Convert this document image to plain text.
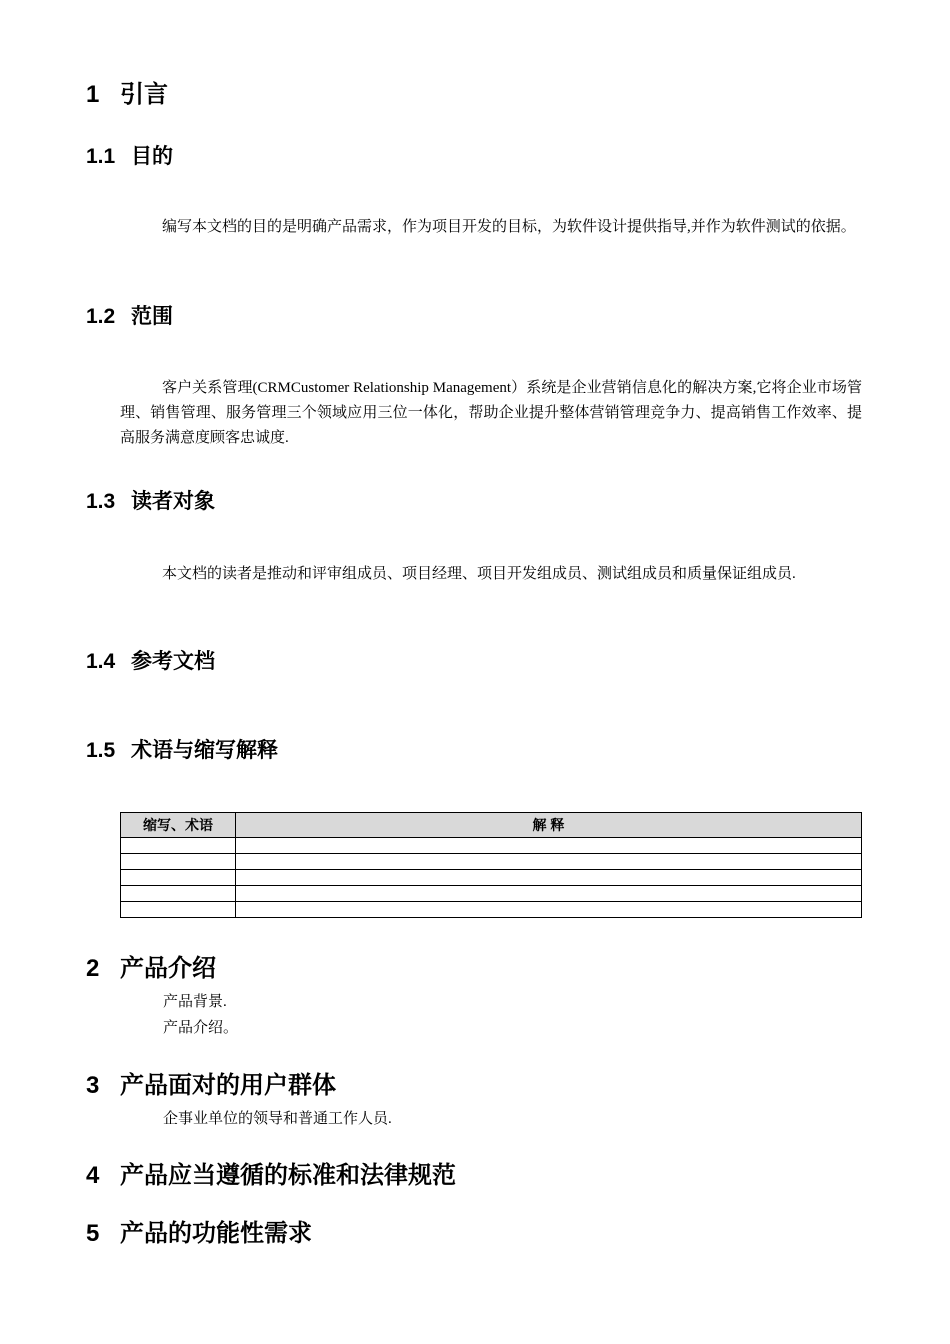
1 引言
1.1 目的
编写本文档的目的是明确产品需求，作为项目开发的目标，为软件设计提供指导,并作为软件测试的依据。
1.2 范围
客户关系管理(CRMCustomer Relationship Management）系统是企业营销信息化的解决方案,它将企业市场管理、销售管理、服务管理三个领域应用三位一体化，帮助企业提升整体营销管理竞争力、提高销售工作效率、提高服务满意度顾客忠诚度.
1.3 读者对象
本文档的读者是推动和评审组成员、项目经理、项目开发组成员、测试组成员和质量保证组成员.
1.4 参考文档
1.5 术语与缩写解释
缩写、术语	解 释

2 产品介绍
产品背景.
产品介绍。
3 产品面对的用户群体
企事业单位的领导和普通工作人员.
4 产品应当遵循的标准和法律规范
5 产品的功能性需求
